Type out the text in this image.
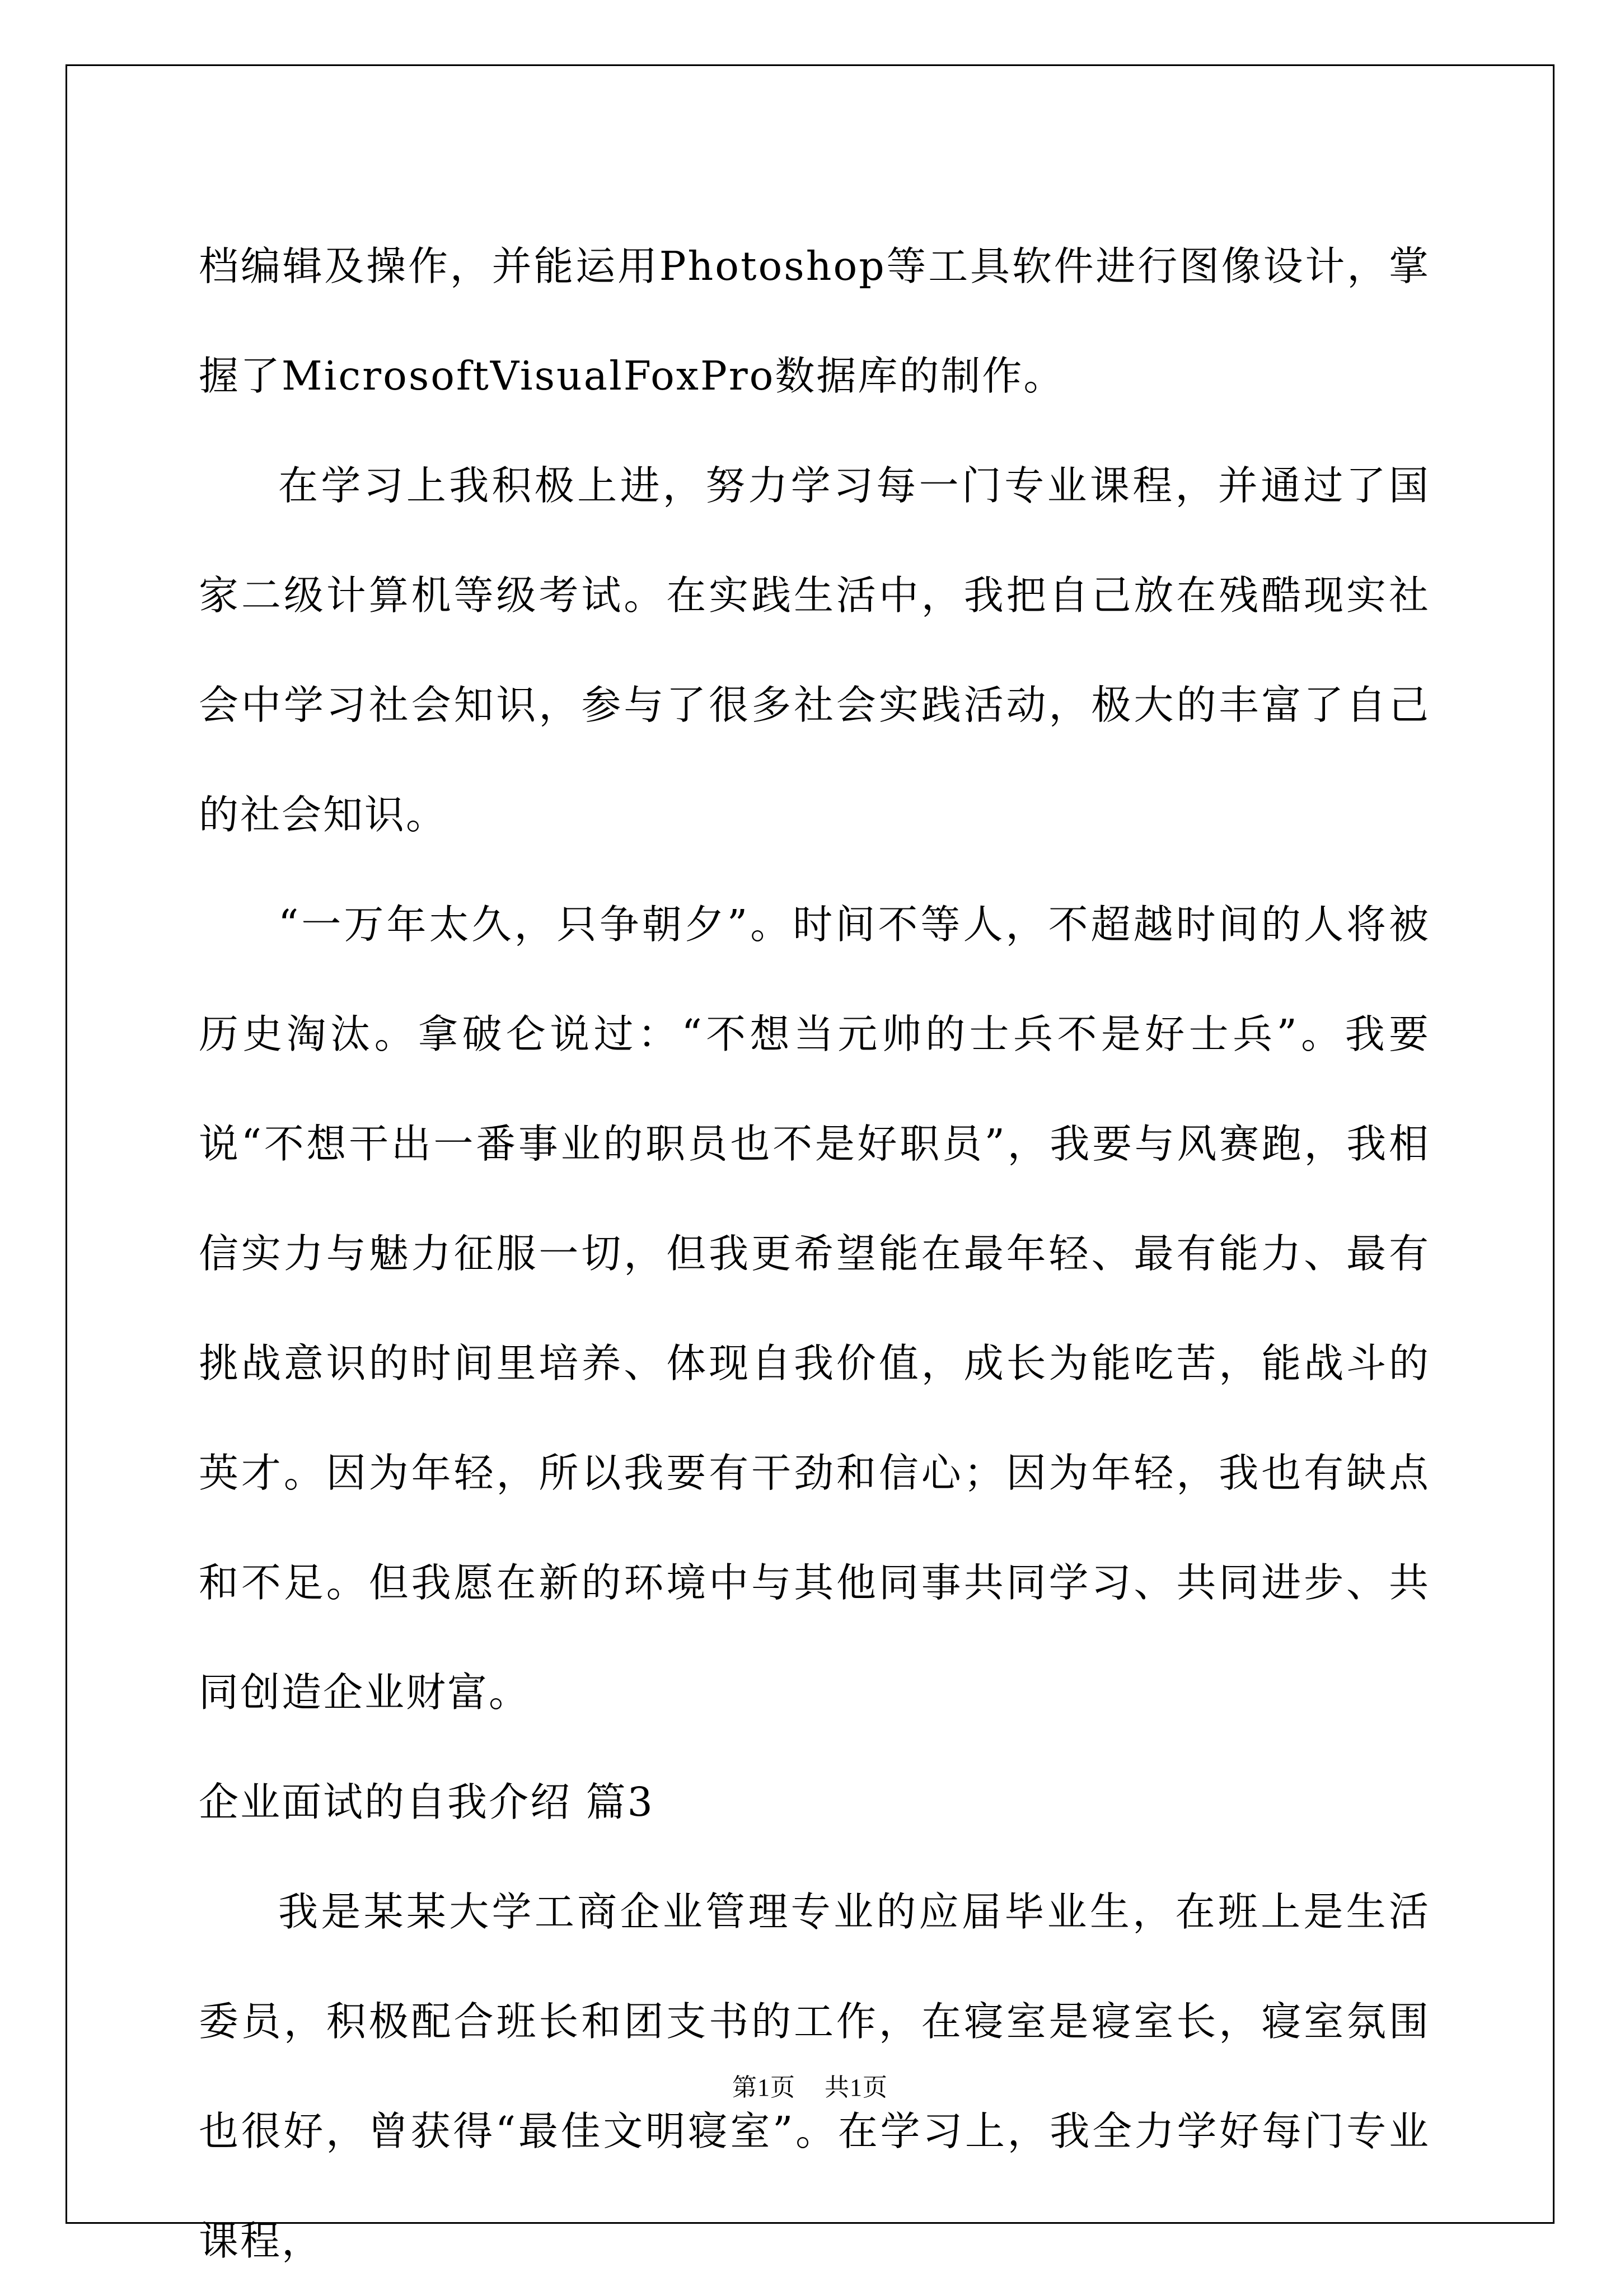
档编辑及操作，并能运用Photoshop等工具软件进行图像设计，掌握了MicrosoftVisualFoxPro数据库的制作。

在学习上我积极上进，努力学习每一门专业课程，并通过了国家二级计算机等级考试。在实践生活中，我把自己放在残酷现实社会中学习社会知识，参与了很多社会实践活动，极大的丰富了自己的社会知识。

“一万年太久，只争朝夕”。时间不等人，不超越时间的人将被历史淘汰。拿破仑说过：“不想当元帅的士兵不是好士兵”。我要说“不想干出一番事业的职员也不是好职员”，我要与风赛跑，我相信实力与魅力征服一切，但我更希望能在最年轻、最有能力、最有挑战意识的时间里培养、体现自我价值，成长为能吃苦，能战斗的英才。因为年轻，所以我要有干劲和信心；因为年轻，我也有缺点和不足。但我愿在新的环境中与其他同事共同学习、共同进步、共同创造企业财富。

企业面试的自我介绍 篇3

我是某某大学工商企业管理专业的应届毕业生，在班上是生活委员，积极配合班长和团支书的工作，在寝室是寝室长，寝室氛围也很好，曾获得“最佳文明寝室”。在学习上，我全力学好每门专业课程，

第1页 共1页
